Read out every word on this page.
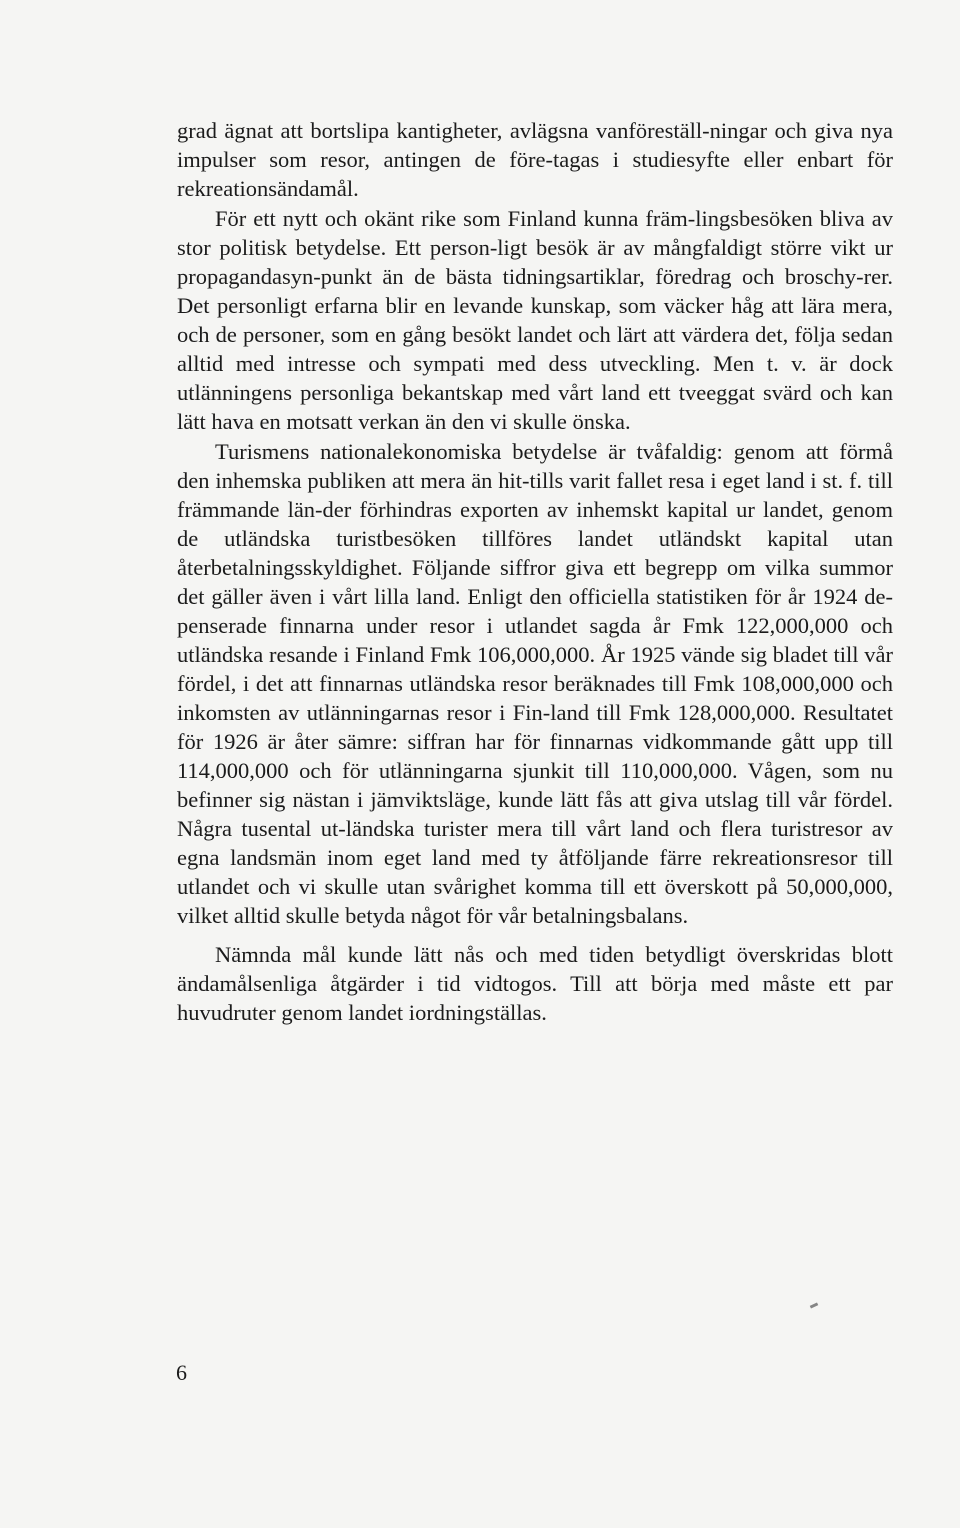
grad ägnat att bortslipa kantigheter, avlägsna vanföreställ-ningar och giva nya impulser som resor, antingen de före-tagas i studiesyfte eller enbart för rekreationsändamål.

För ett nytt och okänt rike som Finland kunna främ-lingsbesöken bliva av stor politisk betydelse. Ett person-ligt besök är av mångfaldigt större vikt ur propagandasyn-punkt än de bästa tidningsartiklar, föredrag och broschy-rer. Det personligt erfarna blir en levande kunskap, som väcker håg att lära mera, och de personer, som en gång besökt landet och lärt att värdera det, följa sedan alltid med intresse och sympati med dess utveckling. Men t. v. är dock utlänningens personliga bekantskap med vårt land ett tveeggat svärd och kan lätt hava en motsatt verkan än den vi skulle önska.

Turismens nationalekonomiska betydelse är tvåfaldig: genom att förmå den inhemska publiken att mera än hit-tills varit fallet resa i eget land i st. f. till främmande län-der förhindras exporten av inhemskt kapital ur landet, genom de utländska turistbesöken tillföres landet utländskt kapital utan återbetalningsskyldighet. Följande siffror giva ett begrepp om vilka summor det gäller även i vårt lilla land. Enligt den officiella statistiken för år 1924 de-penserade finnarna under resor i utlandet sagda år Fmk 122,000,000 och utländska resande i Finland Fmk 106,000,000. År 1925 vände sig bladet till vår fördel, i det att finnarnas utländska resor beräknades till Fmk 108,000,000 och inkomsten av utlänningarnas resor i Fin-land till Fmk 128,000,000. Resultatet för 1926 är åter sämre: siffran har för finnarnas vidkommande gått upp till 114,000,000 och för utlänningarna sjunkit till 110,000,000. Vågen, som nu befinner sig nästan i jämviktsläge, kunde lätt fås att giva utslag till vår fördel. Några tusental ut-ländska turister mera till vårt land och flera turistresor av egna landsmän inom eget land med ty åtföljande färre rekreationsresor till utlandet och vi skulle utan svårighet komma till ett överskott på 50,000,000, vilket alltid skulle betyda något för vår betalningsbalans.

Nämnda mål kunde lätt nås och med tiden betydligt överskridas blott ändamålsenliga åtgärder i tid vidtogos. Till att börja med måste ett par huvudruter genom landet iordningställas.

6
